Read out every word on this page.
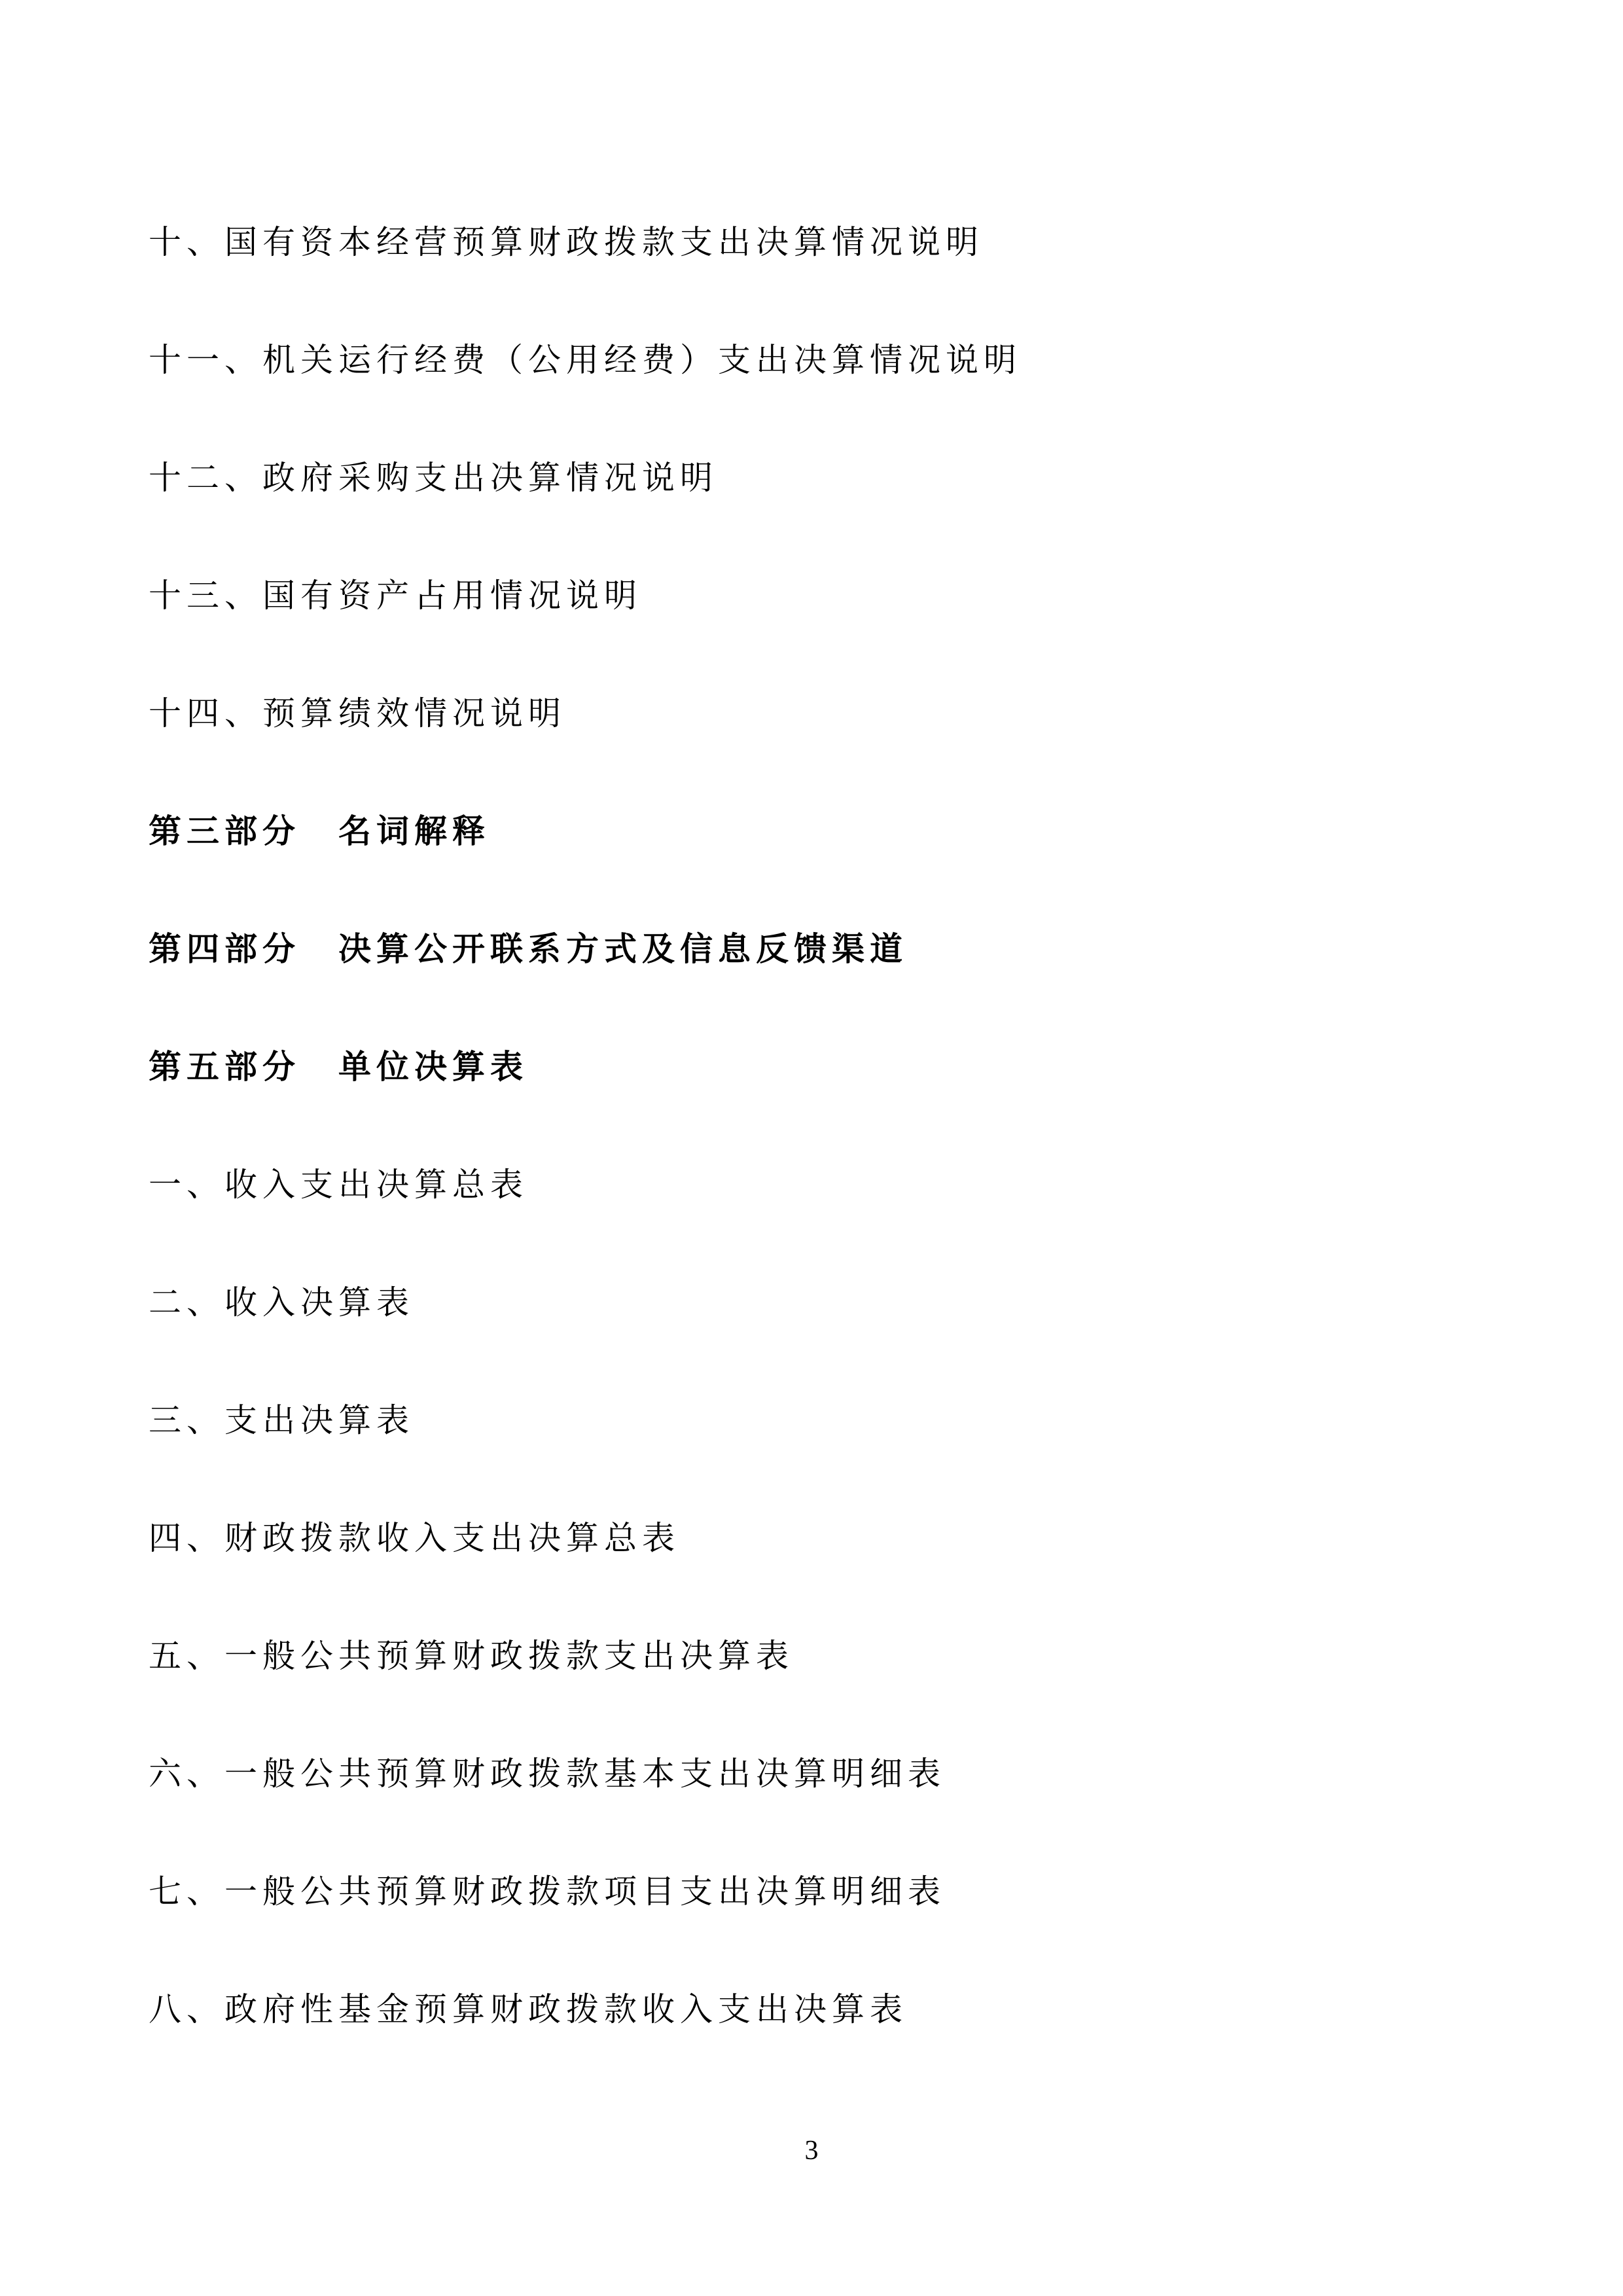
十、国有资本经营预算财政拨款支出决算情况说明
十一、机关运行经费（公用经费）支出决算情况说明
十二、政府采购支出决算情况说明
十三、国有资产占用情况说明
十四、预算绩效情况说明
第三部分　名词解释
第四部分　决算公开联系方式及信息反馈渠道
第五部分　单位决算表
一、收入支出决算总表
二、收入决算表
三、支出决算表
四、财政拨款收入支出决算总表
五、一般公共预算财政拨款支出决算表
六、一般公共预算财政拨款基本支出决算明细表
七、一般公共预算财政拨款项目支出决算明细表
八、政府性基金预算财政拨款收入支出决算表
3
